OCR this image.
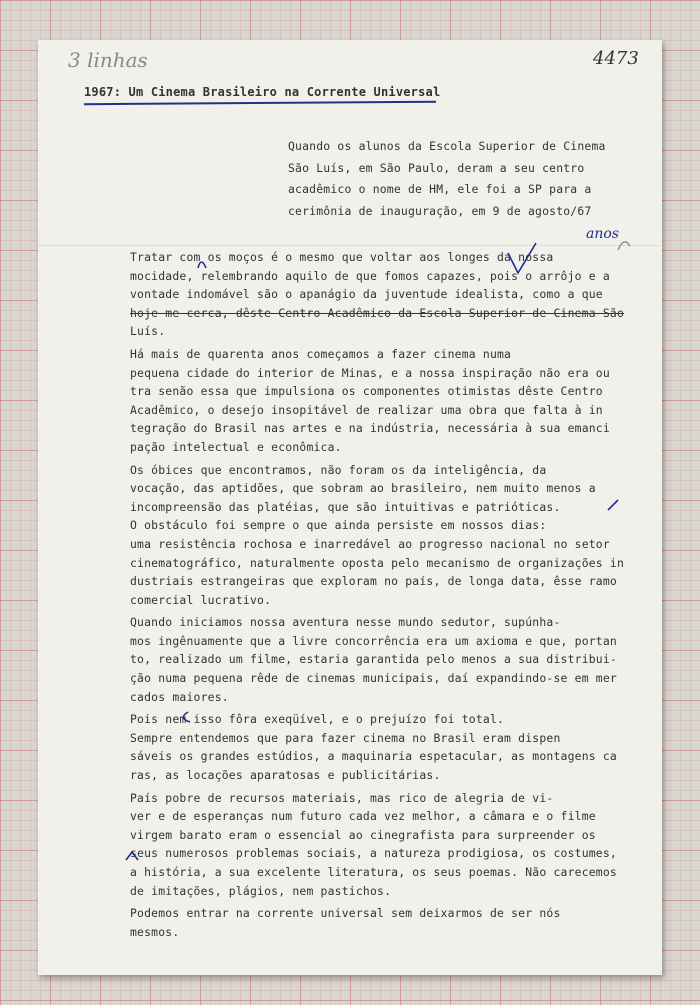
3 linhas	4473
1967: Um Cinema Brasileiro na Corrente Universal
Quando os alunos da Escola Superior de Cinema
São Luís, em São Paulo, deram a seu centro
acadêmico o nome de HM, ele foi a SP para a
cerimônia de inauguração, em 9 de agosto/67
anos
Tratar com os moços é o mesmo que voltar aos longes da nossa
mocidade, relembrando aquilo de que fomos capazes, pois o arrôjo e a
vontade indomável são o apanágio da juventude idealista, como a que
hoje me cerca, dêste Centro Acadêmico da Escola Superior de Cinema São
Luís.
Há mais de quarenta anos começamos a fazer cinema numa
pequena cidade do interior de Minas, e a nossa inspiração não era ou
tra senão essa que impulsiona os componentes otimistas dêste Centro
Acadêmico, o desejo insopitável de realizar uma obra que falta à in
tegração do Brasil nas artes e na indústria, necessária à sua emanci
pação intelectual e econômica.
Os óbices que encontramos, não foram os da inteligência, da
vocação, das aptidões, que sobram ao brasileiro, nem muito menos a
incompreensão das platéias, que são intuitivas e patrióticas.
O obstáculo foi sempre o que ainda persiste em nossos dias:
uma resistência rochosa e inarredável ao progresso nacional no setor
cinematográfico, naturalmente oposta pelo mecanismo de organizações in
dustriais estrangeiras que exploram no país, de longa data, êsse ramo
comercial lucrativo.
Quando iniciamos nossa aventura nesse mundo sedutor, supúnha-
mos ingênuamente que a livre concorrência era um axioma e que, portan
to, realizado um filme, estaria garantida pelo menos a sua distribui-
ção numa pequena rêde de cinemas municipais, daí expandindo-se em mer
cados maiores.
Pois nem isso fôra exeqüível, e o prejuízo foi total.
Sempre entendemos que para fazer cinema no Brasil eram dispen
sáveis os grandes estúdios, a maquinaria espetacular, as montagens ca
ras, as locações aparatosas e publicitárias.
País pobre de recursos materiais, mas rico de alegria de vi-
ver e de esperanças num futuro cada vez melhor, a câmara e o filme
virgem barato eram o essencial ao cinegrafista para surpreender os
seus numerosos problemas sociais, a natureza prodigiosa, os costumes,
a história, a sua excelente literatura, os seus poemas. Não carecemos
de imitações, plágios, nem pastichos.
Podemos entrar na corrente universal sem deixarmos de ser nós
mesmos.
